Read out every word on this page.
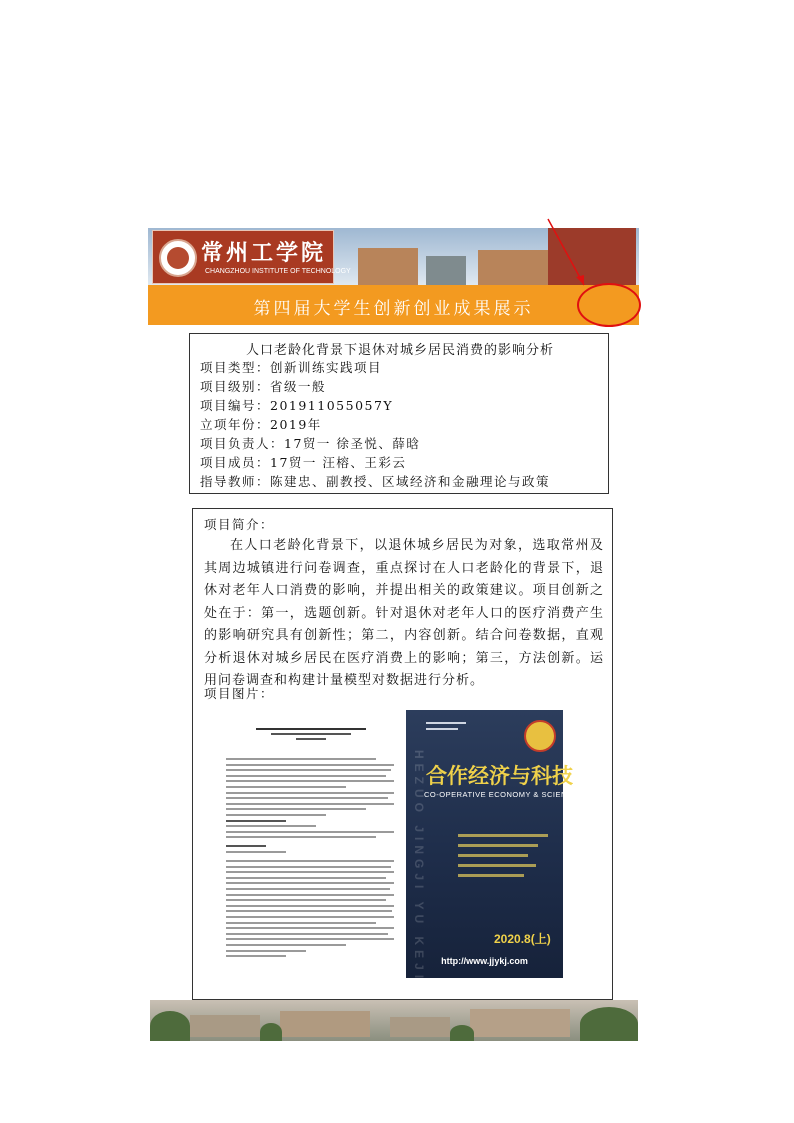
常州工学院
CHANGZHOU INSTITUTE OF TECHNOLOGY
第四届大学生创新创业成果展示
人口老龄化背景下退休对城乡居民消费的影响分析
项目类型：创新训练实践项目
项目级别：省级一般
项目编号：201911055057Y
立项年份：2019年
项目负责人：17贸一 徐圣悦、薛晗
项目成员：17贸一 汪榕、王彩云
指导教师：陈建忠、副教授、区域经济和金融理论与政策
项目简介：
在人口老龄化背景下，以退休城乡居民为对象，选取常州及其周边城镇进行问卷调查，重点探讨在人口老龄化的背景下，退休对老年人口消费的影响，并提出相关的政策建议。项目创新之处在于：第一，选题创新。针对退休对老年人口的医疗消费产生的影响研究具有创新性；第二，内容创新。结合问卷数据，直观分析退休对城乡居民在医疗消费上的影响；第三，方法创新。运用问卷调查和构建计量模型对数据进行分析。
项目图片：
HEZUO JINGJI YU KEJI 合作经济与科技
CO-OPERATIVE ECONOMY & SCIENCE
2020.8(上)
http://www.jjykj.com
